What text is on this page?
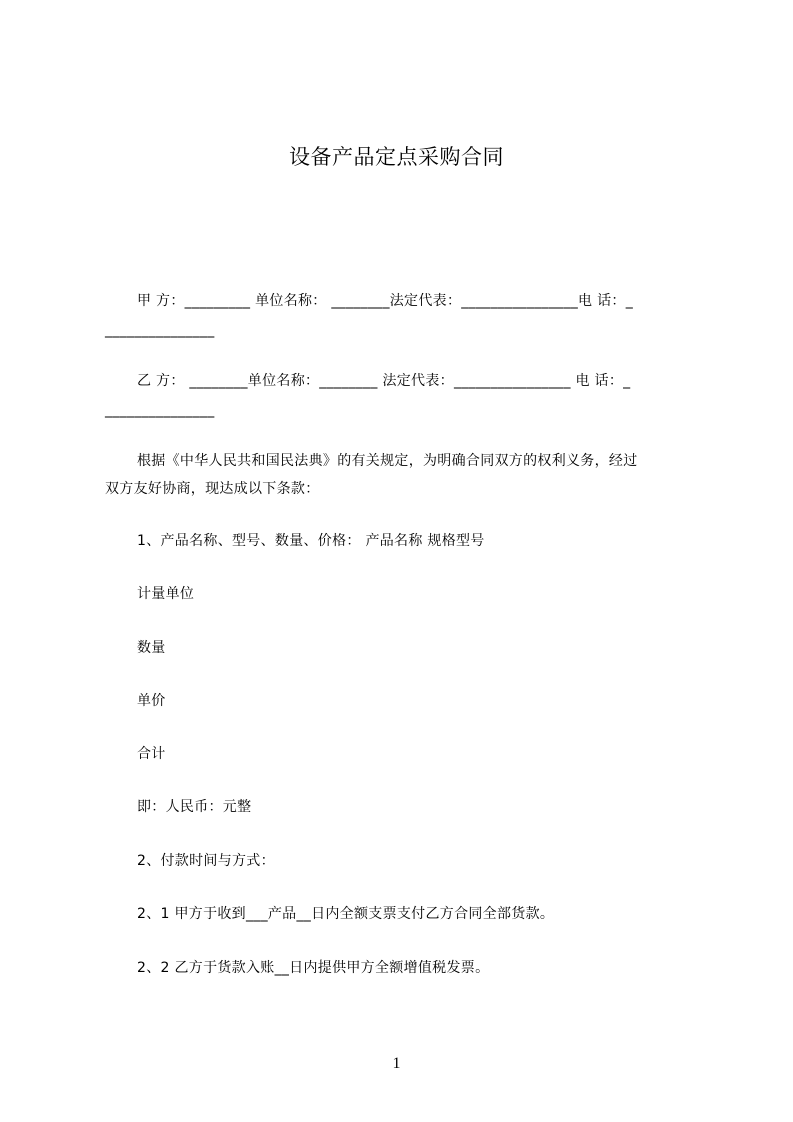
设备产品定点采购合同
甲 方：_________ 单位名称： ________法定代表：________________电 话：_
_______________
乙 方： ________单位名称：________ 法定代表：________________ 电 话：_
_______________
根据《中华人民共和国民法典》的有关规定，为明确合同双方的权利义务，经过
双方友好协商，现达成以下条款：
1、产品名称、型号、数量、价格： 产品名称 规格型号
计量单位
数量
单价
合计
即：人民币：元整
2、付款时间与方式：
2、1 甲方于收到___产品__日内全额支票支付乙方合同全部货款。
2、2 乙方于货款入账__日内提供甲方全额增值税发票。
1
